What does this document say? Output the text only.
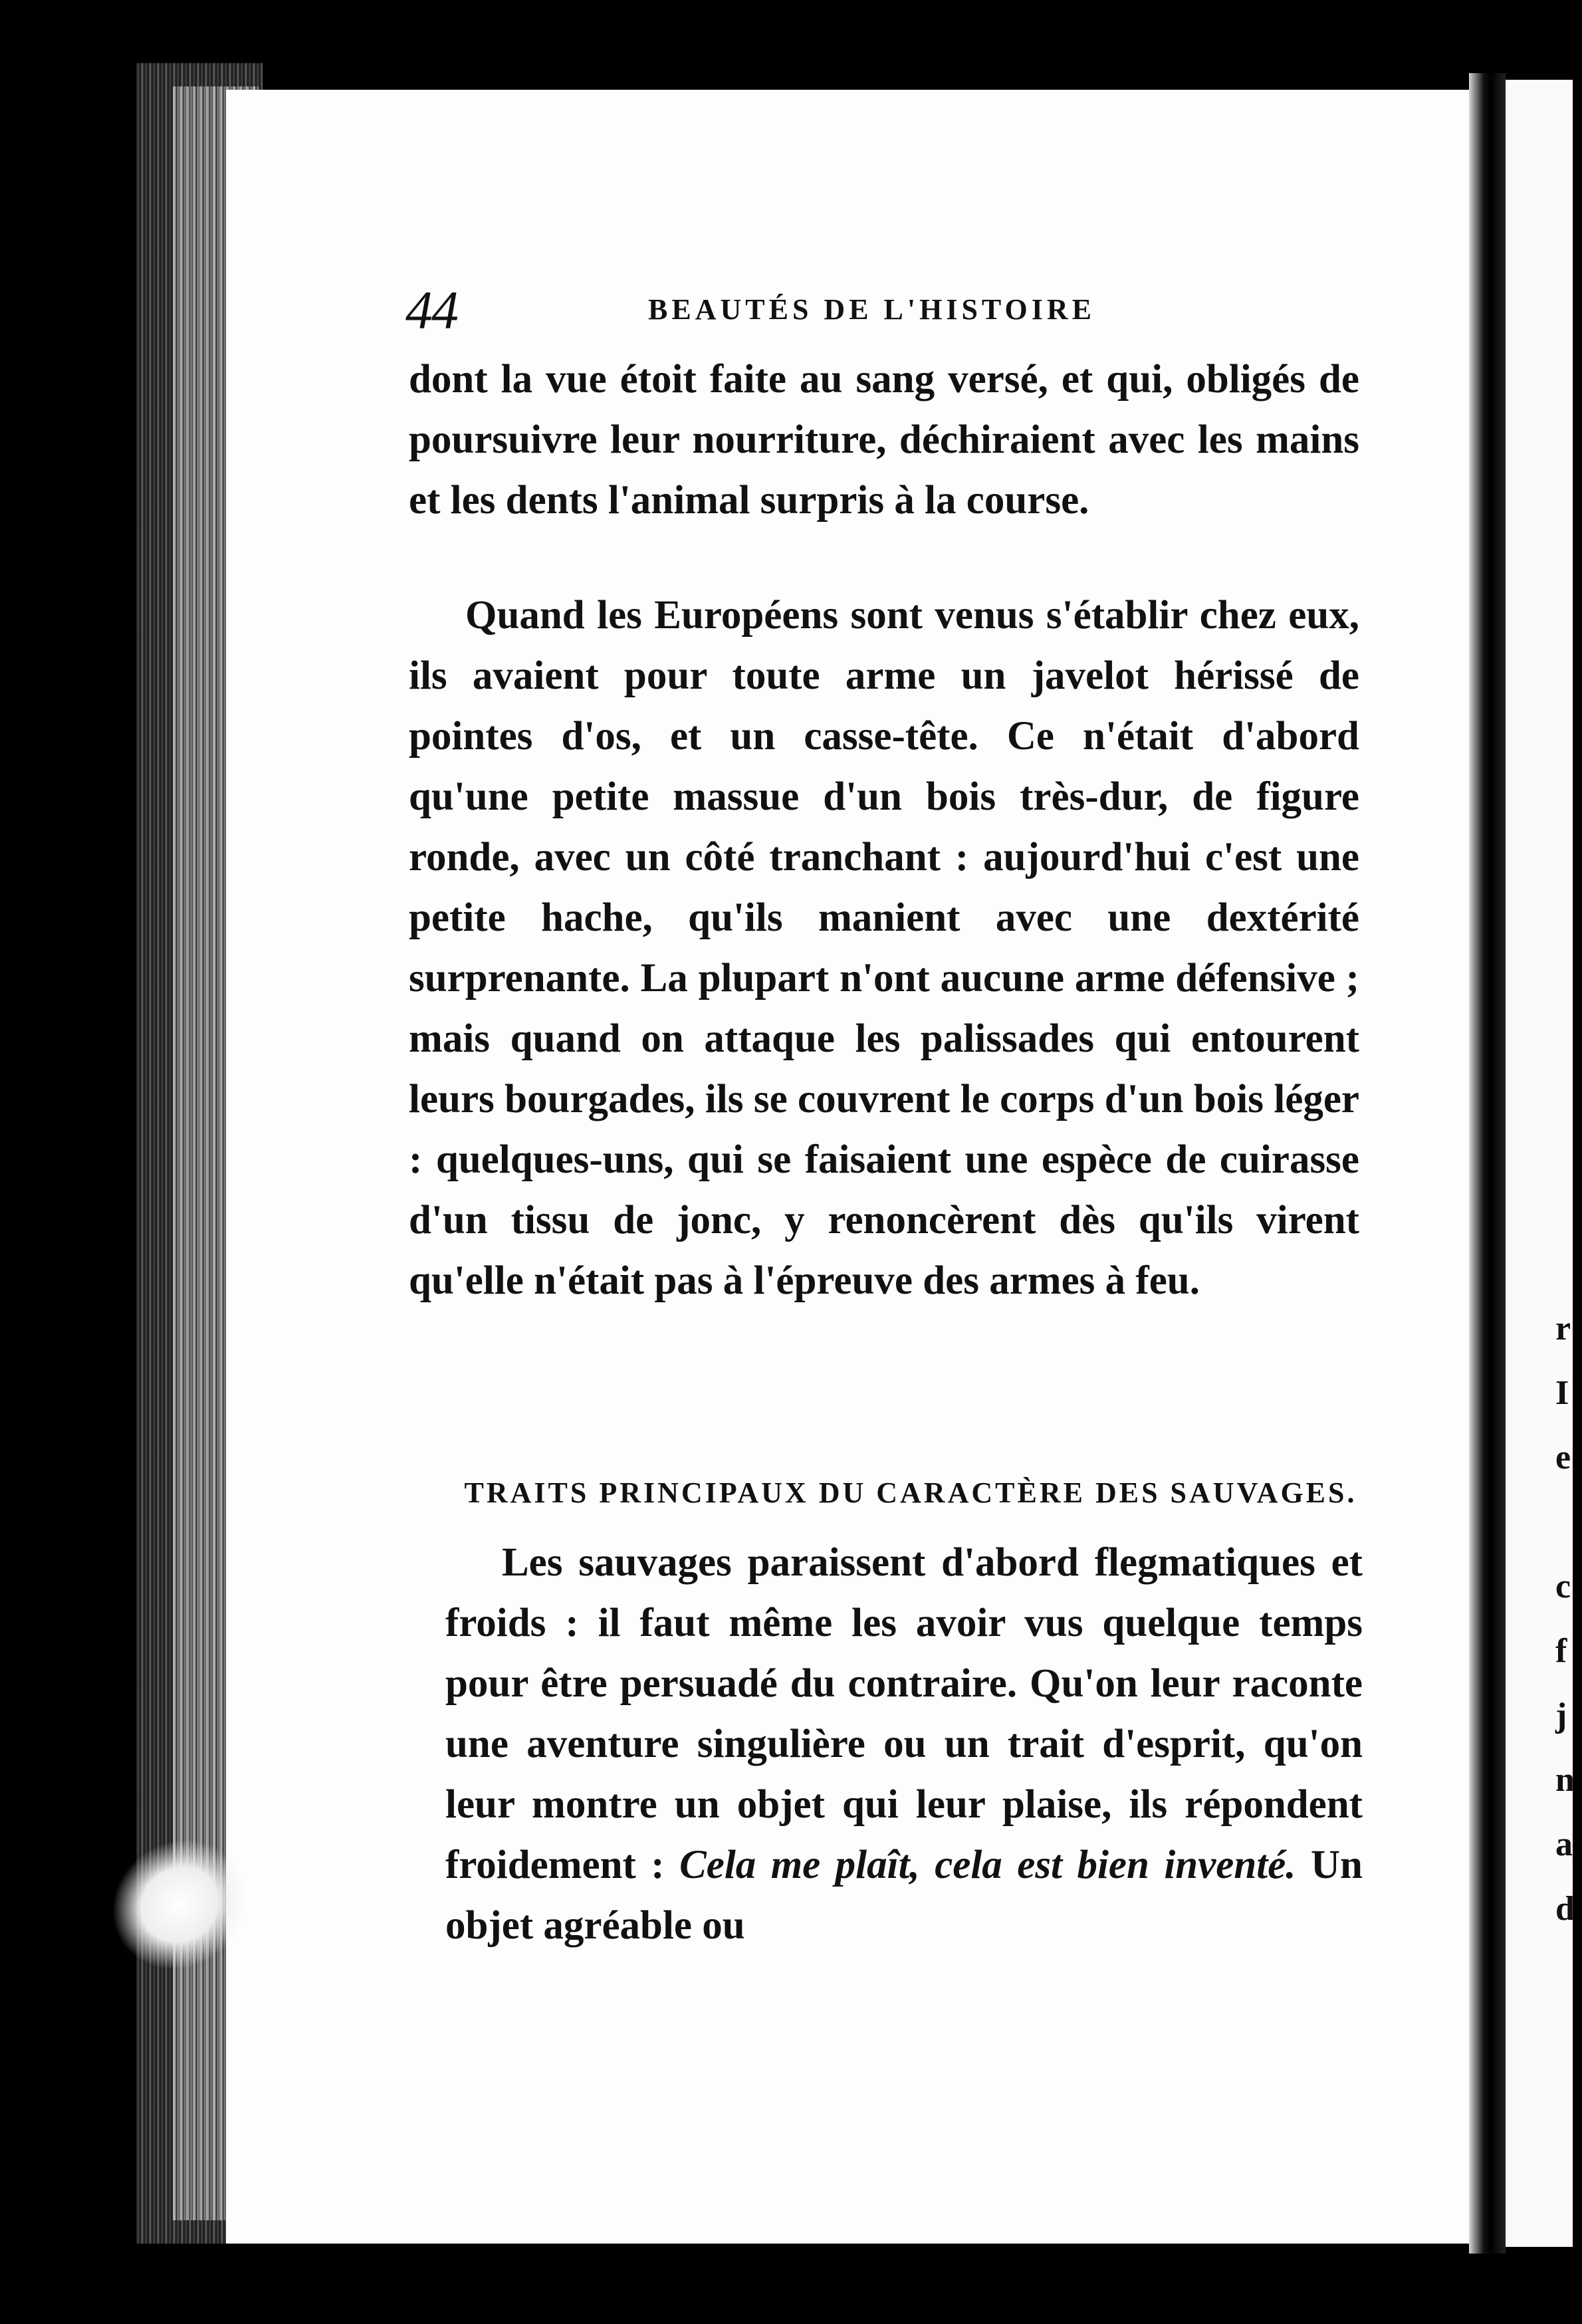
r
I
e
c
f
j
n
a
d
44	BEAUTÉS DE L'HISTOIRE

dont la vue étoit faite au sang versé, et qui, obligés de poursuivre leur nourriture, déchiraient avec les mains et les dents l'animal surpris à la course.

Quand les Européens sont venus s'établir chez eux, ils avaient pour toute arme un javelot hérissé de pointes d'os, et un casse-tête. Ce n'était d'abord qu'une petite massue d'un bois très-dur, de figure ronde, avec un côté tranchant : aujourd'hui c'est une petite hache, qu'ils manient avec une dextérité surprenante. La plupart n'ont aucune arme défensive ; mais quand on attaque les palissades qui entourent leurs bourgades, ils se couvrent le corps d'un bois léger : quelques-uns, qui se faisaient une espèce de cuirasse d'un tissu de jonc, y renoncèrent dès qu'ils virent qu'elle n'était pas à l'épreuve des armes à feu.

TRAITS PRINCIPAUX DU CARACTÈRE DES SAUVAGES.

Les sauvages paraissent d'abord flegmatiques et froids : il faut même les avoir vus quelque temps pour être persuadé du contraire. Qu'on leur raconte une aventure singulière ou un trait d'esprit, qu'on leur montre un objet qui leur plaise, ils répondent froidement : Cela me plaît, cela est bien inventé. Un objet agréable ou
